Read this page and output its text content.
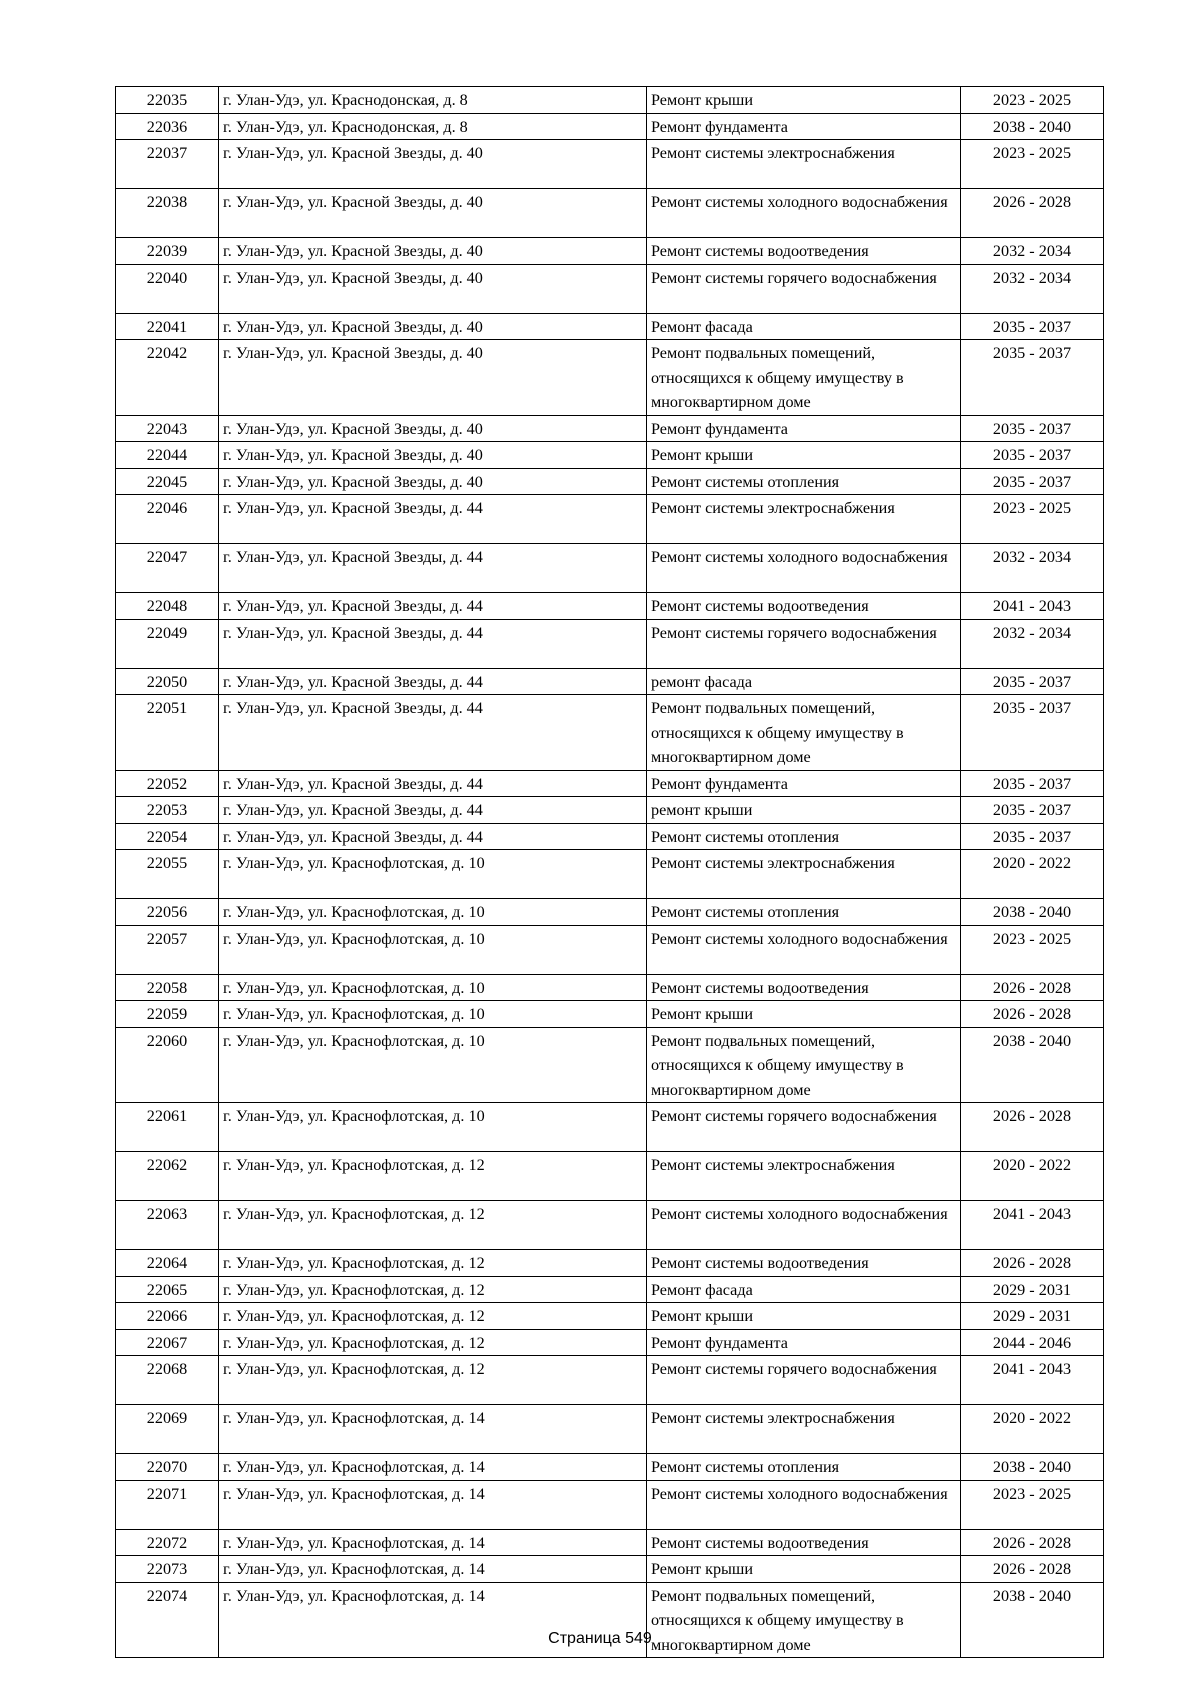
22035	г. Улан-Удэ, ул. Краснодонская, д. 8	Ремонт крыши	2023 - 2025
22036	г. Улан-Удэ, ул. Краснодонская, д. 8	Ремонт фундамента	2038 - 2040
22037	г. Улан-Удэ, ул. Красной Звезды, д. 40	Ремонт системы электроснабжения	2023 - 2025
22038	г. Улан-Удэ, ул. Красной Звезды, д. 40	Ремонт системы холодного водоснабжения	2026 - 2028
22039	г. Улан-Удэ, ул. Красной Звезды, д. 40	Ремонт системы водоотведения	2032 - 2034
22040	г. Улан-Удэ, ул. Красной Звезды, д. 40	Ремонт системы горячего водоснабжения	2032 - 2034
22041	г. Улан-Удэ, ул. Красной Звезды, д. 40	Ремонт фасада	2035 - 2037
22042	г. Улан-Удэ, ул. Красной Звезды, д. 40	Ремонт подвальных помещений, относящихся к общему имуществу в многоквартирном доме	2035 - 2037
22043	г. Улан-Удэ, ул. Красной Звезды, д. 40	Ремонт фундамента	2035 - 2037
22044	г. Улан-Удэ, ул. Красной Звезды, д. 40	Ремонт крыши	2035 - 2037
22045	г. Улан-Удэ, ул. Красной Звезды, д. 40	Ремонт системы отопления	2035 - 2037
22046	г. Улан-Удэ, ул. Красной Звезды, д. 44	Ремонт системы электроснабжения	2023 - 2025
22047	г. Улан-Удэ, ул. Красной Звезды, д. 44	Ремонт системы холодного водоснабжения	2032 - 2034
22048	г. Улан-Удэ, ул. Красной Звезды, д. 44	Ремонт системы водоотведения	2041 - 2043
22049	г. Улан-Удэ, ул. Красной Звезды, д. 44	Ремонт системы горячего водоснабжения	2032 - 2034
22050	г. Улан-Удэ, ул. Красной Звезды, д. 44	ремонт фасада	2035 - 2037
22051	г. Улан-Удэ, ул. Красной Звезды, д. 44	Ремонт подвальных помещений, относящихся к общему имуществу в многоквартирном доме	2035 - 2037
22052	г. Улан-Удэ, ул. Красной Звезды, д. 44	Ремонт фундамента	2035 - 2037
22053	г. Улан-Удэ, ул. Красной Звезды, д. 44	ремонт крыши	2035 - 2037
22054	г. Улан-Удэ, ул. Красной Звезды, д. 44	Ремонт системы отопления	2035 - 2037
22055	г. Улан-Удэ, ул. Краснофлотская, д. 10	Ремонт системы электроснабжения	2020 - 2022
22056	г. Улан-Удэ, ул. Краснофлотская, д. 10	Ремонт системы отопления	2038 - 2040
22057	г. Улан-Удэ, ул. Краснофлотская, д. 10	Ремонт системы холодного водоснабжения	2023 - 2025
22058	г. Улан-Удэ, ул. Краснофлотская, д. 10	Ремонт системы водоотведения	2026 - 2028
22059	г. Улан-Удэ, ул. Краснофлотская, д. 10	Ремонт крыши	2026 - 2028
22060	г. Улан-Удэ, ул. Краснофлотская, д. 10	Ремонт подвальных помещений, относящихся к общему имуществу в многоквартирном доме	2038 - 2040
22061	г. Улан-Удэ, ул. Краснофлотская, д. 10	Ремонт системы горячего водоснабжения	2026 - 2028
22062	г. Улан-Удэ, ул. Краснофлотская, д. 12	Ремонт системы электроснабжения	2020 - 2022
22063	г. Улан-Удэ, ул. Краснофлотская, д. 12	Ремонт системы холодного водоснабжения	2041 - 2043
22064	г. Улан-Удэ, ул. Краснофлотская, д. 12	Ремонт системы водоотведения	2026 - 2028
22065	г. Улан-Удэ, ул. Краснофлотская, д. 12	Ремонт фасада	2029 - 2031
22066	г. Улан-Удэ, ул. Краснофлотская, д. 12	Ремонт крыши	2029 - 2031
22067	г. Улан-Удэ, ул. Краснофлотская, д. 12	Ремонт фундамента	2044 - 2046
22068	г. Улан-Удэ, ул. Краснофлотская, д. 12	Ремонт системы горячего водоснабжения	2041 - 2043
22069	г. Улан-Удэ, ул. Краснофлотская, д. 14	Ремонт системы электроснабжения	2020 - 2022
22070	г. Улан-Удэ, ул. Краснофлотская, д. 14	Ремонт системы отопления	2038 - 2040
22071	г. Улан-Удэ, ул. Краснофлотская, д. 14	Ремонт системы холодного водоснабжения	2023 - 2025
22072	г. Улан-Удэ, ул. Краснофлотская, д. 14	Ремонт системы водоотведения	2026 - 2028
22073	г. Улан-Удэ, ул. Краснофлотская, д. 14	Ремонт крыши	2026 - 2028
22074	г. Улан-Удэ, ул. Краснофлотская, д. 14	Ремонт подвальных помещений, относящихся к общему имуществу в многоквартирном доме	2038 - 2040
Страница 549
